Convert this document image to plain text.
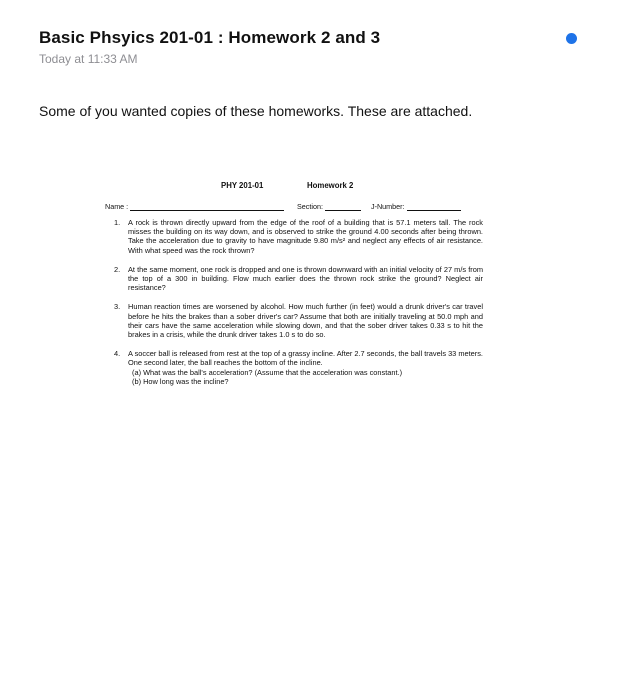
Basic Phsyics 201-01 : Homework 2 and 3
Today at 11:33 AM
Some of you wanted copies of these homeworks. These are attached.
PHY 201-01	Homework 2
Name :	Section:	J-Number:
1. A rock is thrown directly upward from the edge of the roof of a building that is 57.1 meters tall. The rock misses the building on its way down, and is observed to strike the ground 4.00 seconds after being thrown. Take the acceleration due to gravity to have magnitude 9.80 m/s² and neglect any effects of air resistance. With what speed was the rock thrown?
2. At the same moment, one rock is dropped and one is thrown downward with an initial velocity of 27 m/s from the top of a 300 in building. Flow much earlier does the thrown rock strike the ground? Neglect air resistance?
3. Human reaction times are worsened by alcohol. How much further (in feet) would a drunk driver's car travel before he hits the brakes than a sober driver's car? Assume that both are initially traveling at 50.0 mph and their cars have the same acceleration while slowing down, and that the sober driver takes 0.33 s to hit the brakes in a crisis, while the drunk driver takes 1.0 s to do so.
4. A soccer ball is released from rest at the top of a grassy incline. After 2.7 seconds, the ball travels 33 meters. One second later, the ball reaches the bottom of the incline.
(a) What was the ball's acceleration? (Assume that the acceleration was constant.)
(b) How long was the incline?
